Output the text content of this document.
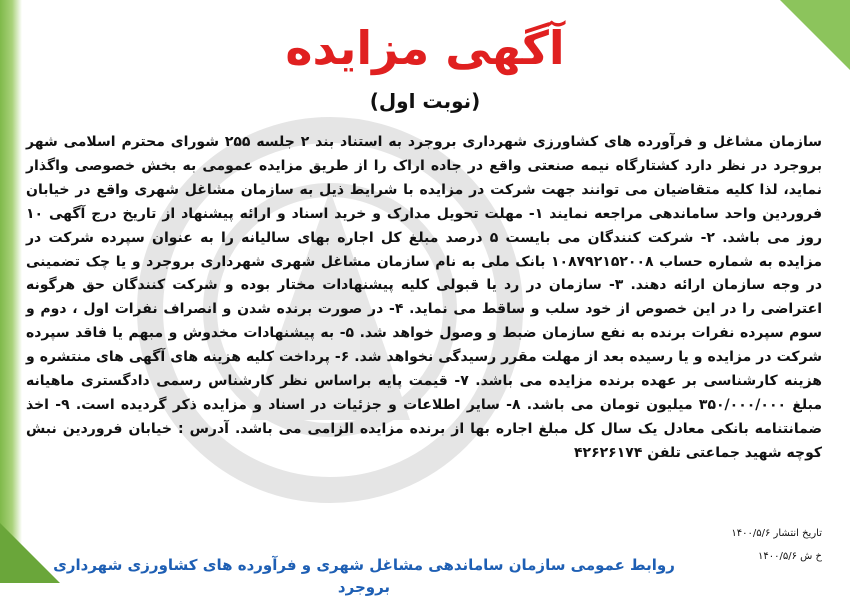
آگهی مزایده
(نوبت اول)

سازمان مشاغل و فرآورده های کشاورزی شهرداری بروجرد به استناد بند ۲ جلسه ۲۵۵ شورای محترم اسلامی شهر بروجرد در نظر دارد کشتارگاه نیمه صنعتی واقع در جاده اراک را از طریق مزایده عمومی به بخش خصوصی واگذار نماید، لذا کلیه متقاضیان می توانند جهت شرکت در مزایده با شرایط ذیل به سازمان مشاغل شهری واقع در خیابان فروردین واحد ساماندهی مراجعه نمایند ۱- مهلت تحویل مدارک و خرید اسناد و ارائه پیشنهاد از تاریخ درج آگهی ۱۰ روز می باشد. ۲- شرکت کنندگان می بایست ۵ درصد مبلغ کل اجاره بهای سالیانه را به عنوان سپرده شرکت در مزایده به شماره حساب ۱۰۸۷۹۲۱۵۲۰۰۸ بانک ملی به نام سازمان مشاغل شهری شهرداری بروجرد و یا چک تضمینی در وجه سازمان ارائه دهند. ۳- سازمان در رد یا قبولی کلیه پیشنهادات مختار بوده و شرکت کنندگان حق هرگونه اعتراضی را در این خصوص از خود سلب و ساقط می نماید. ۴- در صورت برنده شدن و انصراف نفرات اول ، دوم و سوم سپرده نفرات برنده به نفع سازمان ضبط و وصول خواهد شد. ۵- به پیشنهادات مخدوش و مبهم یا فاقد سپرده شرکت در مزایده و یا رسیده بعد از مهلت مقرر رسیدگی نخواهد شد. ۶- پرداخت کلیه هزینه های آگهی های منتشره و هزینه کارشناسی بر عهده برنده مزایده می باشد. ۷- قیمت پایه براساس نظر کارشناس رسمی دادگستری ماهیانه مبلغ ۳۵۰/۰۰۰/۰۰۰ میلیون تومان می باشد. ۸- سایر اطلاعات و جزئیات در اسناد و مزایده ذکر گردیده است. ۹- اخذ ضمانتنامه بانکی معادل یک سال کل مبلغ اجاره بها از برنده مزایده الزامی می باشد. آدرس : خیابان فروردین نبش کوچه شهید جماعتی تلفن ۴۲۶۲۶۱۷۴

تاریخ انتشار ۱۴۰۰/۵/۶
خ ش ۱۴۰۰/۵/۶
روابط عمومی سازمان ساماندهی مشاغل شهری و فرآورده های کشاورزی شهرداری بروجرد
